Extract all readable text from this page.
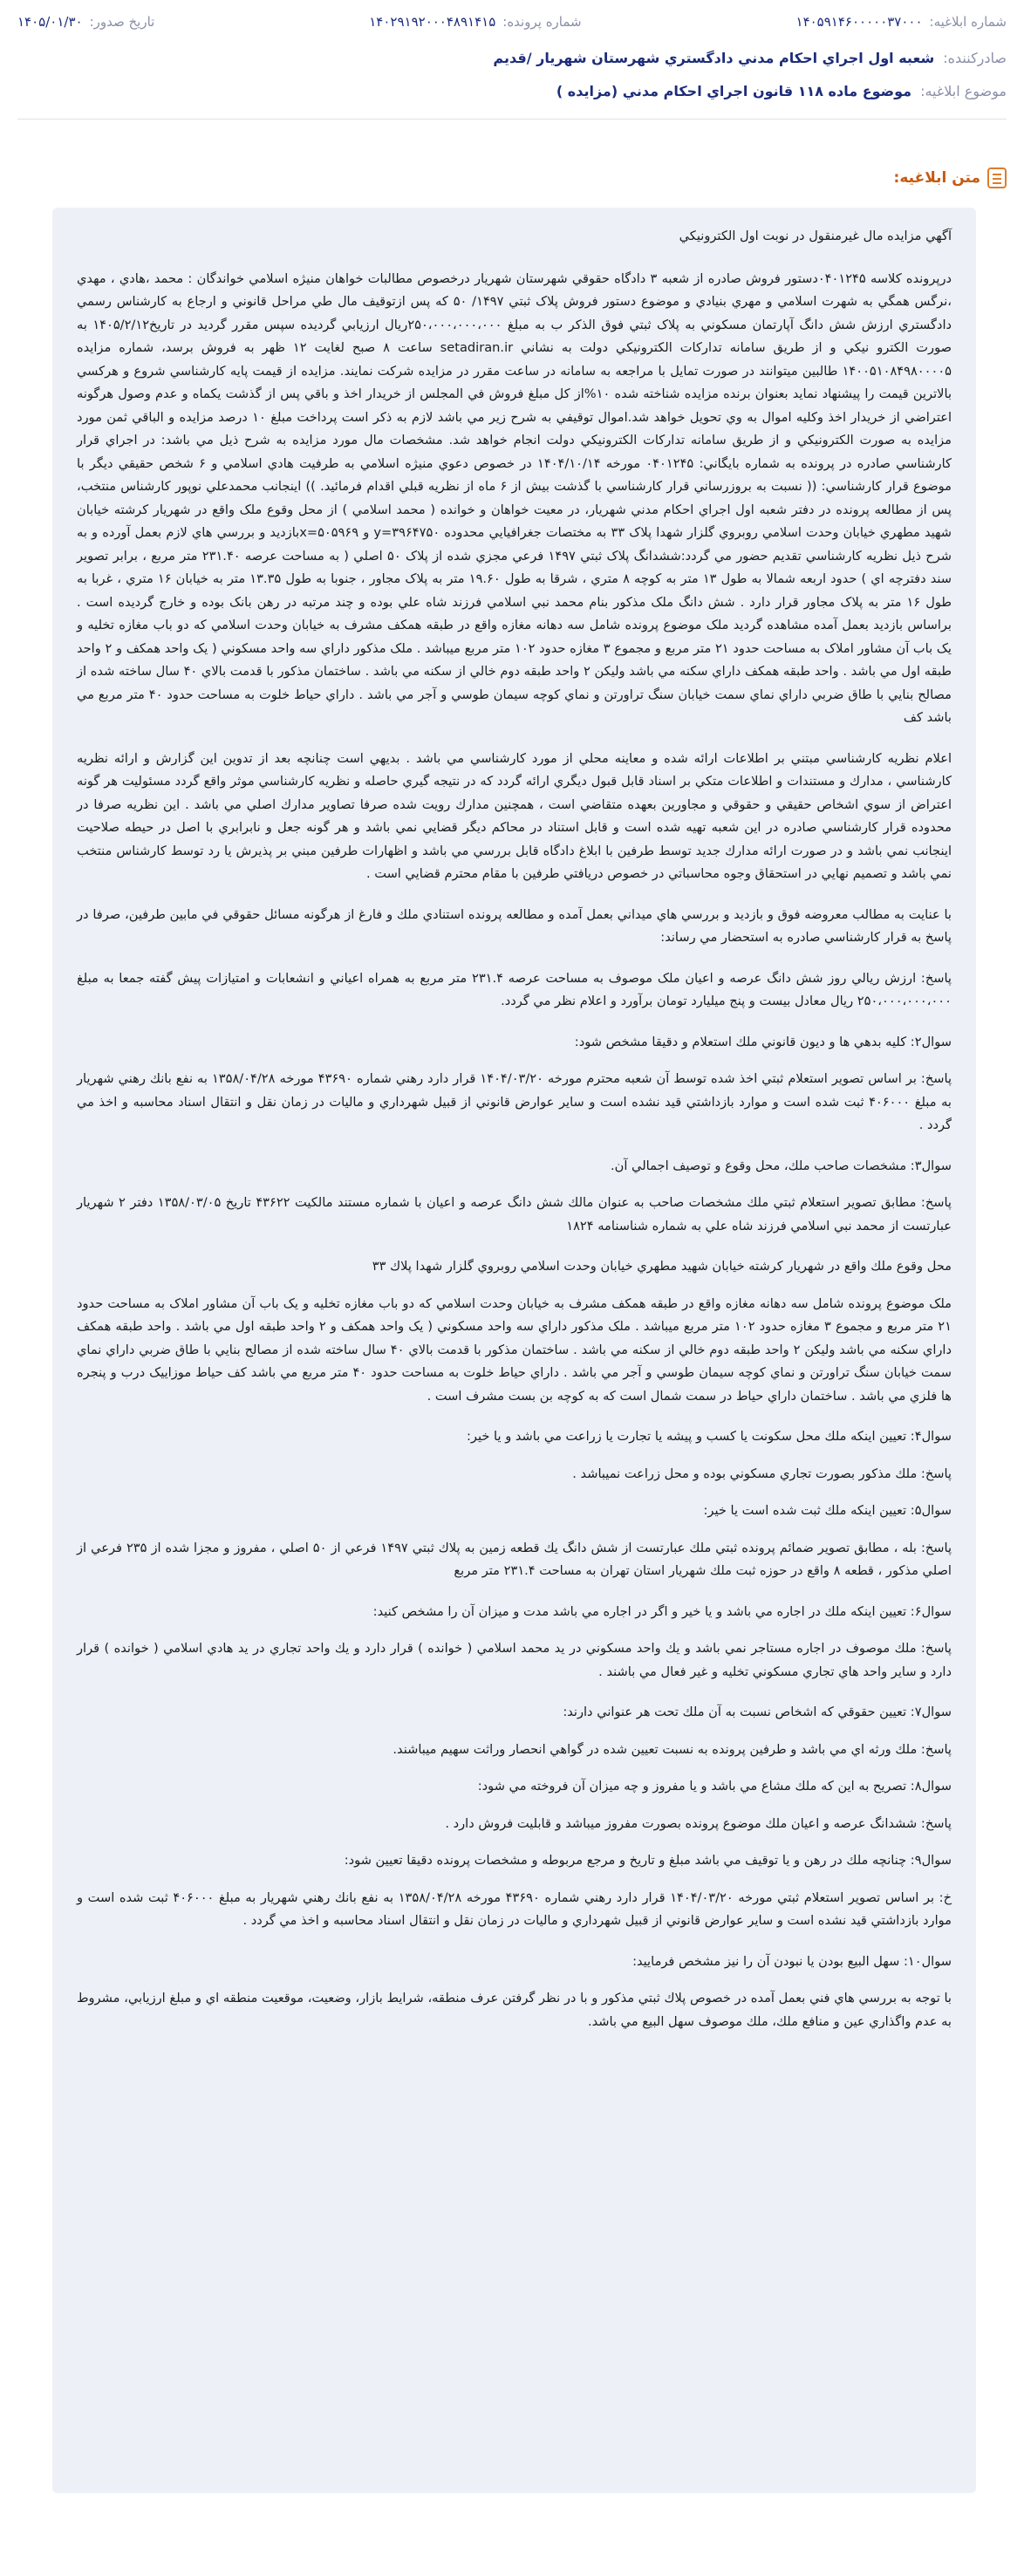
شماره ابلاغيه:
۱۴۰۵۹۱۴۶۰۰۰۰۰۳۷۰۰۰
شماره پرونده:
۱۴۰۲۹۱۹۲۰۰۰۴۸۹۱۴۱۵
تاريخ صدور:
۱۴۰۵/۰۱/۳۰
صادرکننده:
شعبه اول اجراي احکام مدني دادگستري شهرستان شهريار /قديم
موضوع ابلاغيه:
موضوع ماده ۱۱۸ قانون اجراي احکام مدني (مزايده )
متن ابلاغيه:

آگهي مزايده مال غيرمنقول در نوبت اول الکترونيکي

درپرونده کلاسه ۰۴۰۱۲۴۵دستور فروش صادره از شعبه ۳ دادگاه حقوقي شهرستان شهريار درخصوص مطالبات خواهان منيژه اسلامي خواندگان : محمد ،هادي ، مهدي ،نرگس همگي به شهرت اسلامي و مهري بنيادي و موضوع دستور فروش پلاک ثبتي ۱۴۹۷/ ۵۰ که پس ازتوقيف مال طي مراحل قانوني و ارجاع به کارشناس رسمي دادگستري ارزش شش دانگ آپارتمان مسکوني به پلاک ثبتي فوق الذکر ب به مبلغ ۲۵۰،۰۰۰،۰۰۰،۰۰۰ريال ارزيابي گرديده سپس مقرر گرديد در تاريخ۱۴۰۵/۲/۱۲ به صورت الکترو نيکي و از طريق سامانه تدارکات الکترونيکي دولت به نشاني setadiran.ir ساعت ۸ صبح لغايت ۱۲ ظهر به فروش برسد، شماره مزايده ۱۴۰۰۵۱۰۸۴۹۸۰۰۰۰۵ طالبين ميتوانند در صورت تمايل با مراجعه به سامانه در ساعت مقرر در مزايده شرکت نمايند. مزايده از قيمت پايه کارشناسي شروع و هرکسي بالاترين قيمت را پيشنهاد نمايد بعنوان برنده مزايده شناخته شده ۱۰%از کل مبلغ فروش في المجلس از خريدار اخذ و باقي پس از گذشت يکماه و عدم وصول هرگونه اعتراضي از خريدار اخذ وکليه اموال به وي تحويل خواهد شد.اموال توقيفي به شرح زير مي باشد لازم به ذکر است پرداخت مبلغ ۱۰ درصد مزايده و الباقي ثمن مورد مزايده به صورت الکترونيکي و از طريق سامانه تدارکات الکترونيکي دولت انجام خواهد شد. مشخصات مال مورد مزايده به شرح ذيل مي باشد: در اجراي قرار کارشناسي صادره در پرونده به شماره بايگاني: ۰۴۰۱۲۴۵ مورخه ۱۴۰۴/۱۰/۱۴ در خصوص دعوي منيژه اسلامي به طرفيت هادي اسلامي و ۶ شخص حقيقي ديگر با موضوع قرار کارشناسي: (( نسبت به بروزرساني قرار کارشناسي با گذشت بيش از ۶ ماه از نظريه قبلي اقدام فرمائيد. )) اينجانب محمدعلي نوپور کارشناس منتخب، پس از مطالعه پرونده در دفتر شعبه اول اجراي احکام مدني شهريار، در معيت خواهان و خوانده ( محمد اسلامي ) از محل وقوع ملک واقع در شهريار کرشته خيابان شهيد مطهري خيابان وحدت اسلامي روبروي گلزار شهدا پلاک ۳۳ به مختصات جغرافيايي محدوده y=۳۹۶۴۷۵۰ و x=۵۰۵۹۶۹بازديد و بررسي هاي لازم بعمل آورده و به شرح ذيل نظريه کارشناسي تقديم حضور مي گردد:ششدانگ پلاک ثبتي ۱۴۹۷ فرعي مجزي شده از پلاک ۵۰ اصلي ( به مساحت عرصه ۲۳۱.۴۰ متر مربع ، برابر تصوير سند دفترچه اي ) حدود اربعه شمالا به طول ۱۳ متر به کوچه ۸ متري ، شرقا به طول ۱۹.۶۰ متر به پلاک مجاور ، جنوبا به طول ۱۳.۳۵ متر به خيابان ۱۶ متري ، غربا به طول ۱۶ متر به پلاک مجاور قرار دارد . شش دانگ ملک مذکور بنام محمد نبي اسلامي فرزند شاه علي بوده و چند مرتبه در رهن بانک بوده و خارج گرديده است . براساس بازديد بعمل آمده مشاهده گرديد ملک موضوع پرونده شامل سه دهانه مغازه واقع در طبقه همکف مشرف به خيابان وحدت اسلامي که دو باب مغازه تخليه و يک باب آن مشاور املاک به مساحت حدود ۲۱ متر مربع و مجموع ۳ مغازه حدود ۱۰۲ متر مربع ميباشد . ملک مذکور داراي سه واحد مسکوني ( يک واحد همکف و ۲ واحد طبقه اول مي باشد . واحد طبقه همکف داراي سکنه مي باشد وليکن ۲ واحد طبقه دوم خالي از سکنه مي باشد . ساختمان مذکور با قدمت بالاي ۴۰ سال ساخته شده از مصالح بنايي با طاق ضربي داراي نماي سمت خيابان سنگ تراورتن و نماي کوچه سيمان طوسي و آجر مي باشد . داراي حياط خلوت به مساحت حدود ۴۰ متر مربع مي باشد کف

اعلام نظريه کارشناسي مبتني بر اطلاعات ارائه شده و معاينه محلي از مورد کارشناسي مي باشد . بديهي است چنانچه بعد از تدوين اين گزارش و ارائه نظريه کارشناسي ، مدارك و مستندات و اطلاعات متكي بر اسناد قابل قبول ديگري ارائه گردد كه در نتيجه گيري حاصله و نظريه کارشناسي موثر واقع گردد مسئوليت هر گونه اعتراض از سوي اشخاص حقيقي و حقوقي و مجاورين بعهده متقاضي است ، همچنين مدارك رويت شده صرفا تصاوير مدارك اصلي مي باشد . اين نظريه صرفا در محدوده قرار کارشناسي صادره در اين شعبه تهيه شده است و قابل استناد در محاکم ديگر قضايي نمي باشد و هر گونه جعل و نابرابري با اصل در حيطه صلاحيت اينجانب نمي باشد و در صورت ارائه مدارك جديد توسط طرفين با ابلاغ دادگاه قابل بررسي مي باشد و اظهارات طرفين مبني بر پذيرش يا رد توسط کارشناس منتخب نمي باشد و تصميم نهايي در استحقاق وجوه محاسباتي در خصوص دريافتي طرفين با مقام محترم قضايي است .

با عنايت به مطالب معروضه فوق و بازديد و بررسي هاي ميداني بعمل آمده و مطالعه پرونده استنادي ملك و فارغ از هرگونه مسائل حقوقي في مابين طرفين، صرفا در پاسخ به قرار كارشناسي صادره به استحضار مي رساند:

پاسخ: ارزش ريالي روز شش دانگ عرصه و اعيان ملک موصوف به مساحت عرصه ۲۳۱.۴ متر مربع به همراه اعياني و انشعابات و امتيازات پيش گفته جمعا به مبلغ ۲۵۰،۰۰۰،۰۰۰،۰۰۰ ريال معادل بيست و پنج ميليارد تومان برآورد و اعلام نظر مي گردد.

سوال۲: کليه بدهي ها و ديون قانوني ملك استعلام و دقيقا مشخص شود:

پاسخ: بر اساس تصوير استعلام ثبتي اخذ شده توسط آن شعبه محترم مورخه ۱۴۰۴/۰۳/۲۰ قرار دارد رهني شماره ۴۳۶۹۰ مورخه ۱۳۵۸/۰۴/۲۸ به نفع بانك رهني شهريار به مبلغ ۴۰۶۰۰۰ ثبت شده است و موارد بازداشتي قيد نشده است و ساير عوارض قانوني از قبيل شهرداري و ماليات در زمان نقل و انتقال اسناد محاسبه و اخذ مي گردد .

سوال۳: مشخصات صاحب ملك، محل وقوع و توصيف اجمالي آن.

پاسخ: مطابق تصوير استعلام ثبتي ملك مشخصات صاحب به عنوان مالك شش دانگ عرصه و اعيان با شماره مستند مالكيت ۴۳۶۲۲ تاريخ ۱۳۵۸/۰۳/۰۵ دفتر ۲ شهريار عبارتست از محمد نبي اسلامي فرزند شاه علي به شماره شناسنامه ۱۸۲۴

محل وقوع ملك واقع در شهريار كرشته خيابان شهيد مطهري خيابان وحدت اسلامي روبروي گلزار شهدا پلاك ۳۳

ملک موضوع پرونده شامل سه دهانه مغازه واقع در طبقه همکف مشرف به خيابان وحدت اسلامي که دو باب مغازه تخليه و يک باب آن مشاور املاک به مساحت حدود ۲۱ متر مربع و مجموع ۳ مغازه حدود ۱۰۲ متر مربع ميباشد . ملک مذکور داراي سه واحد مسکوني ( يک واحد همکف و ۲ واحد طبقه اول مي باشد . واحد طبقه همکف داراي سکنه مي باشد وليکن ۲ واحد طبقه دوم خالي از سکنه مي باشد . ساختمان مذکور با قدمت بالاي ۴۰ سال ساخته شده از مصالح بنايي با طاق ضربي داراي نماي سمت خيابان سنگ تراورتن و نماي کوچه سيمان طوسي و آجر مي باشد . داراي حياط خلوت به مساحت حدود ۴۰ متر مربع مي باشد کف حياط موزاييک درب و پنجره ها فلزي مي باشد . ساختمان داراي حياط در سمت شمال است که به کوچه بن بست مشرف است .

سوال۴: تعيين اينكه ملك محل سكونت يا كسب و پيشه يا تجارت يا زراعت مي باشد و يا خير:

پاسخ: ملك مذكور بصورت تجاري مسكوني بوده و محل زراعت نميباشد .

سوال۵: تعيين اينكه ملك ثبت شده است يا خير:

پاسخ: بله ، مطابق تصوير ضمائم پرونده ثبتي ملك عبارتست از شش دانگ يك قطعه زمين به پلاك ثبتي ۱۴۹۷ فرعي از ۵۰ اصلي ، مفروز و مجزا شده از ۲۳۵ فرعي از اصلي مذكور ، قطعه ۸ واقع در حوزه ثبت ملك شهريار استان تهران به مساحت ۲۳۱.۴ متر مربع

سوال۶: تعيين اينكه ملك در اجاره مي باشد و يا خير و اگر در اجاره مي باشد مدت و ميزان آن را مشخص كنيد:

پاسخ: ملك موصوف در اجاره مستاجر نمي باشد و يك واحد مسكوني در يد محمد اسلامي ( خوانده ) قرار دارد و يك واحد تجاري در يد هادي اسلامي ( خوانده ) قرار دارد و ساير واحد هاي تجاري مسكوني تخليه و غير فعال مي باشند .

سوال۷: تعيين حقوقي كه اشخاص نسبت به آن ملك تحت هر عنواني دارند:

پاسخ: ملك ورثه اي مي باشد و طرفين پرونده به نسبت تعيين شده در گواهي انحصار وراثت سهيم ميباشند.

سوال۸: تصريح به اين كه ملك مشاع مي باشد و يا مفروز و چه ميزان آن فروخته مي شود:

پاسخ: ششدانگ عرصه و اعيان ملك موضوع پرونده بصورت مفروز ميباشد و قابليت فروش دارد .

سوال۹: چنانچه ملك در رهن و يا توقيف مي باشد مبلغ و تاريخ و مرجع مربوطه و مشخصات پرونده دقيقا تعيين شود:

خ: بر اساس تصوير استعلام ثبتي مورخه ۱۴۰۴/۰۳/۲۰ قرار دارد رهني شماره ۴۳۶۹۰ مورخه ۱۳۵۸/۰۴/۲۸ به نفع بانك رهني شهريار به مبلغ ۴۰۶۰۰۰ ثبت شده است و موارد بازداشتي قيد نشده است و ساير عوارض قانوني از قبيل شهرداري و ماليات در زمان نقل و انتقال اسناد محاسبه و اخذ مي گردد .

سوال۱۰: سهل البيع بودن يا نبودن آن را نيز مشخص فرماييد:

با توجه به بررسي هاي فني بعمل آمده در خصوص پلاك ثبتي مذكور و با در نظر گرفتن عرف منطقه، شرايط بازار، وضعيت، موقعيت منطقه اي و مبلغ ارزيابي، مشروط به عدم واگذاري عين و منافع ملك، ملك موصوف سهل البيع مي باشد.
